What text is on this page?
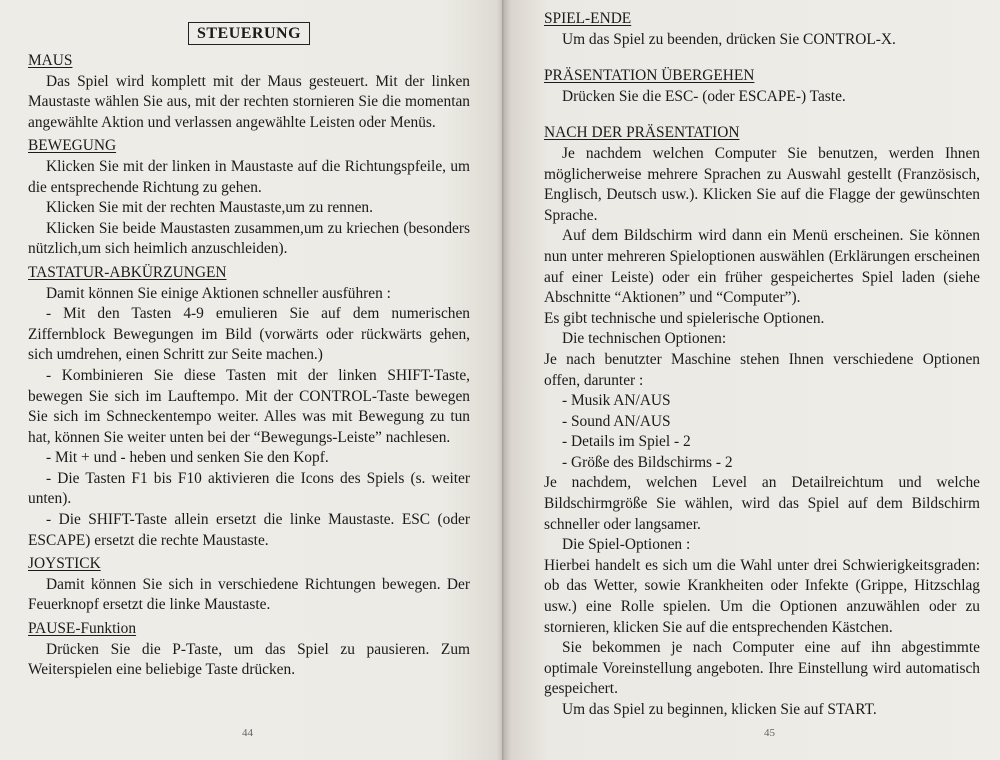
STEUERUNG
MAUS

Das Spiel wird komplett mit der Maus gesteuert. Mit der linken Maustaste wählen Sie aus, mit der rechten stornieren Sie die momentan angewählte Aktion und verlassen angewählte Leisten oder Menüs.

BEWEGUNG

Klicken Sie mit der linken in Maustaste auf die Richtungspfeile, um die entsprechende Richtung zu gehen.

Klicken Sie mit der rechten Maustaste,um zu rennen.

Klicken Sie beide Maustasten zusammen,um zu kriechen (besonders nützlich,um sich heimlich anzuschleiden).

TASTATUR-ABKÜRZUNGEN

Damit können Sie einige Aktionen schneller ausführen :

- Mit den Tasten 4-9 emulieren Sie auf dem numerischen Ziffernblock Bewegungen im Bild (vorwärts oder rückwärts gehen, sich umdrehen, einen Schritt zur Seite machen.)

- Kombinieren Sie diese Tasten mit der linken SHIFT-Taste, bewegen Sie sich im Lauftempo. Mit der CONTROL-Taste bewegen Sie sich im Schneckentempo weiter. Alles was mit Bewegung zu tun hat, können Sie weiter unten bei der “Bewegungs-Leiste” nachlesen.

- Mit + und - heben und senken Sie den Kopf.

- Die Tasten F1 bis F10 aktivieren die Icons des Spiels (s. weiter unten).

- Die SHIFT-Taste allein ersetzt die linke Maustaste. ESC (oder ESCAPE) ersetzt die rechte Maustaste.

JOYSTICK

Damit können Sie sich in verschiedene Richtungen bewegen. Der Feuerknopf ersetzt die linke Maustaste.

PAUSE-Funktion

Drücken Sie die P-Taste, um das Spiel zu pausieren. Zum Weiterspielen eine beliebige Taste drücken.

44
SPIEL-ENDE

Um das Spiel zu beenden, drücken Sie CONTROL-X.

PRÄSENTATION ÜBERGEHEN

Drücken Sie die ESC- (oder ESCAPE-) Taste.

NACH DER PRÄSENTATION

Je nachdem welchen Computer Sie benutzen, werden Ihnen möglicherweise mehrere Sprachen zu Auswahl gestellt (Französisch, Englisch, Deutsch usw.). Klicken Sie auf die Flagge der gewünschten Sprache.

Auf dem Bildschirm wird dann ein Menü erscheinen. Sie können nun unter mehreren Spieloptionen auswählen (Erklärungen erscheinen auf einer Leiste) oder ein früher gespeichertes Spiel laden (siehe Abschnitte “Aktionen” und “Computer”).

Es gibt technische und spielerische Optionen.

Die technischen Optionen:

Je nach benutzter Maschine stehen Ihnen verschiedene Optionen offen, darunter :

- Musik AN/AUS

- Sound AN/AUS

- Details im Spiel - 2

- Größe des Bildschirms - 2

Je nachdem, welchen Level an Detailreichtum und welche Bildschirmgröße Sie wählen, wird das Spiel auf dem Bildschirm schneller oder langsamer.

Die Spiel-Optionen :

Hierbei handelt es sich um die Wahl unter drei Schwierigkeitsgraden: ob das Wetter, sowie Krankheiten oder Infekte (Grippe, Hitzschlag usw.) eine Rolle spielen. Um die Optionen anzuwählen oder zu stornieren, klicken Sie auf die entsprechenden Kästchen.

Sie bekommen je nach Computer eine auf ihn abgestimmte optimale Voreinstellung angeboten. Ihre Einstellung wird automatisch gespeichert.

Um das Spiel zu beginnen, klicken Sie auf START.

45
